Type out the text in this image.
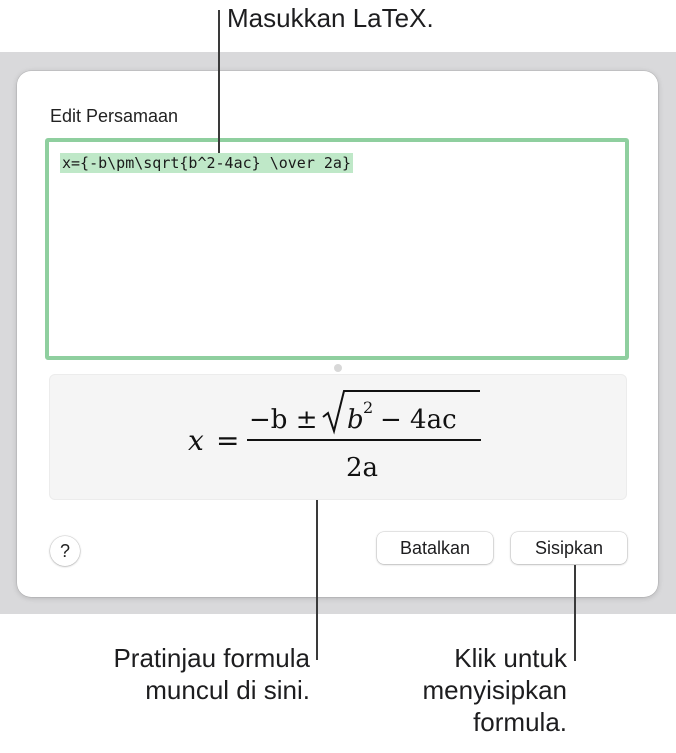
Edit Persamaan
x={-b\pm\sqrt{b^2-4ac} \over 2a}
x =
−b ± b 2 − 4ac
2a
?	Batalkan	Sisipkan
Masukkan LaTeX.
Pratinjau formula muncul di sini.
Klik untuk menyisipkan formula.
